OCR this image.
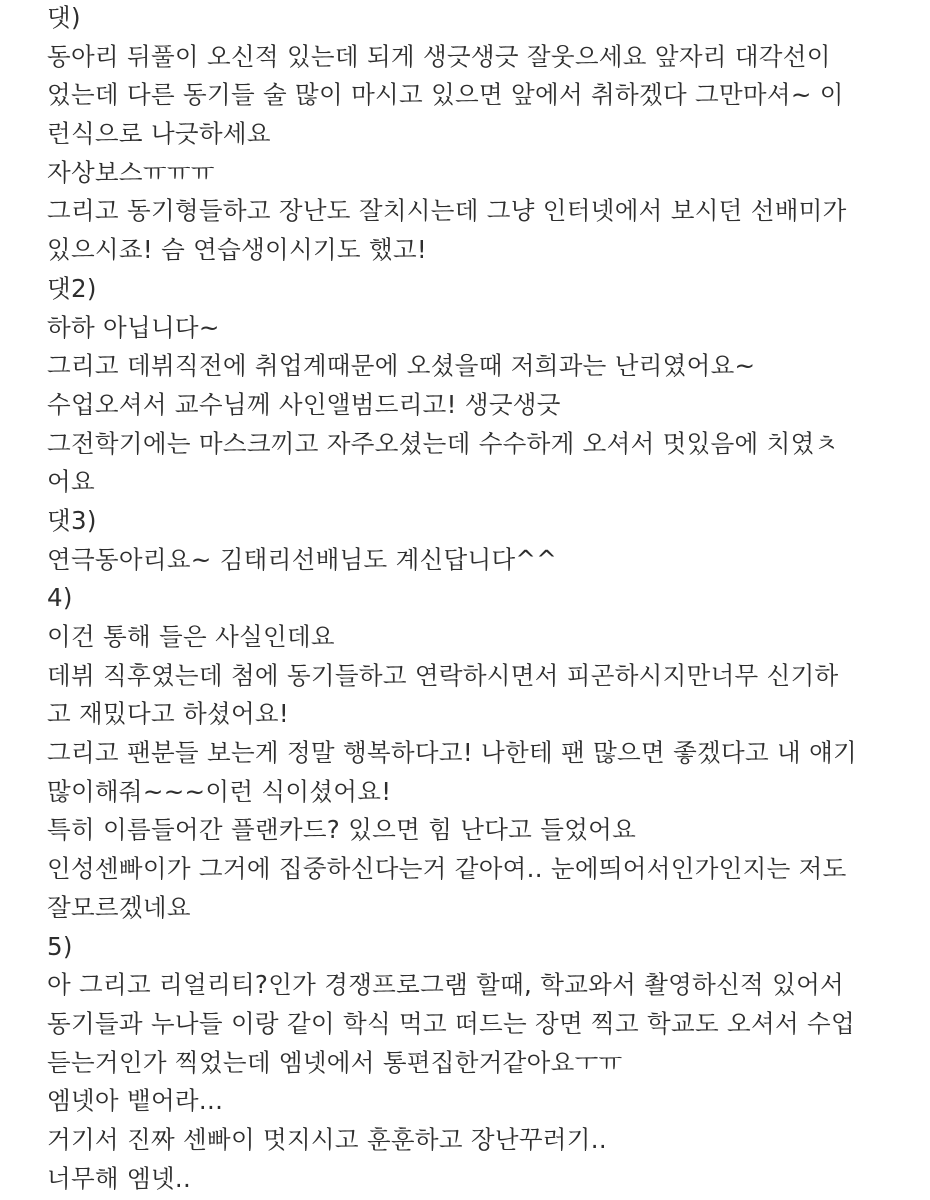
댓)

동아리 뒤풀이 오신적 있는데 되게 생긋생긋 잘웃으세요 앞자리 대각선이

었는데 다른 동기들 술 많이 마시고 있으면 앞에서 취하겠다 그만마셔~ 이

런식으로 나긋하세요

자상보스ㅠㅠㅠ

그리고 동기형들하고 장난도 잘치시는데 그냥 인터넷에서 보시던 선배미가

있으시죠! 슴 연습생이시기도 했고!

댓2)

하하 아닙니다~

그리고 데뷔직전에 취업계때문에 오셨을때 저희과는 난리였어요~

수업오셔서 교수님께 사인앨범드리고! 생긋생긋

그전학기에는 마스크끼고 자주오셨는데 수수하게 오셔서 멋있음에 치였ㅊ

어요

댓3)

연극동아리요~ 김태리선배님도 계신답니다^^

4)

이건 통해 들은 사실인데요

데뷔 직후였는데 첨에 동기들하고 연락하시면서 피곤하시지만너무 신기하

고 재밌다고 하셨어요!

그리고 팬분들 보는게 정말 행복하다고! 나한테 팬 많으면 좋겠다고 내 얘기

많이해줘~~~이런 식이셨어요!

특히 이름들어간 플랜카드? 있으면 힘 난다고 들었어요

인성센빠이가 그거에 집중하신다는거 같아여.. 눈에띄어서인가인지는 저도

잘모르겠네요

5)

아 그리고 리얼리티?인가 경쟁프로그램 할때, 학교와서 촬영하신적 있어서

동기들과 누나들 이랑 같이 학식 먹고 떠드는 장면 찍고 학교도 오셔서 수업

듣는거인가 찍었는데 엠넷에서 통편집한거같아요ㅜㅠ

엠넷아 뱉어라...

거기서 진짜 센빠이 멋지시고 훈훈하고 장난꾸러기..

너무해 엠넷..
